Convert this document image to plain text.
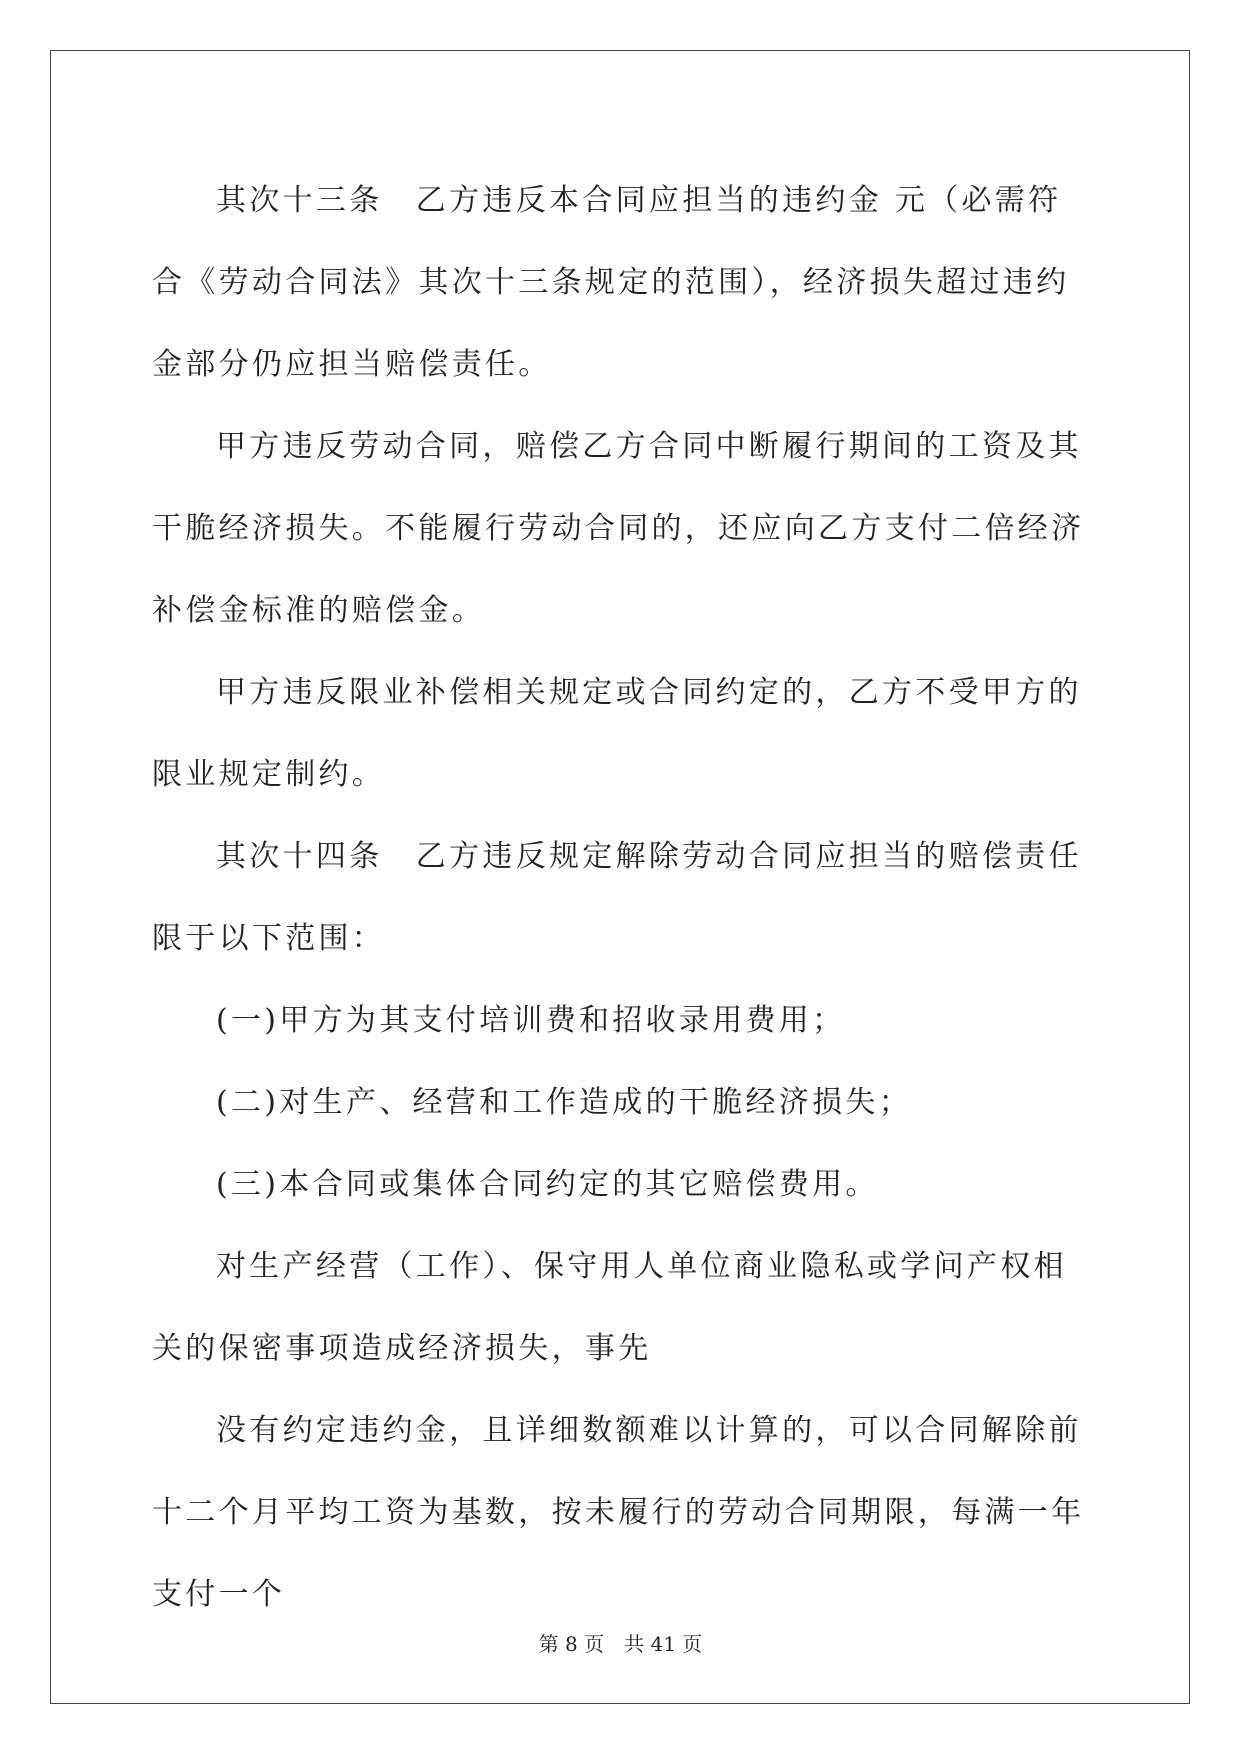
其次十三条　乙方违反本合同应担当的违约金 元（必需符合《劳动合同法》其次十三条规定的范围），经济损失超过违约金部分仍应担当赔偿责任。

甲方违反劳动合同，赔偿乙方合同中断履行期间的工资及其干脆经济损失。不能履行劳动合同的，还应向乙方支付二倍经济补偿金标准的赔偿金。

甲方违反限业补偿相关规定或合同约定的，乙方不受甲方的限业规定制约。

其次十四条　乙方违反规定解除劳动合同应担当的赔偿责任限于以下范围：

(一)甲方为其支付培训费和招收录用费用；

(二)对生产、经营和工作造成的干脆经济损失；

(三)本合同或集体合同约定的其它赔偿费用。

对生产经营（工作）、保守用人单位商业隐私或学问产权相关的保密事项造成经济损失，事先

没有约定违约金，且详细数额难以计算的，可以合同解除前十二个月平均工资为基数，按未履行的劳动合同期限，每满一年支付一个

第 8 页　共 41 页
